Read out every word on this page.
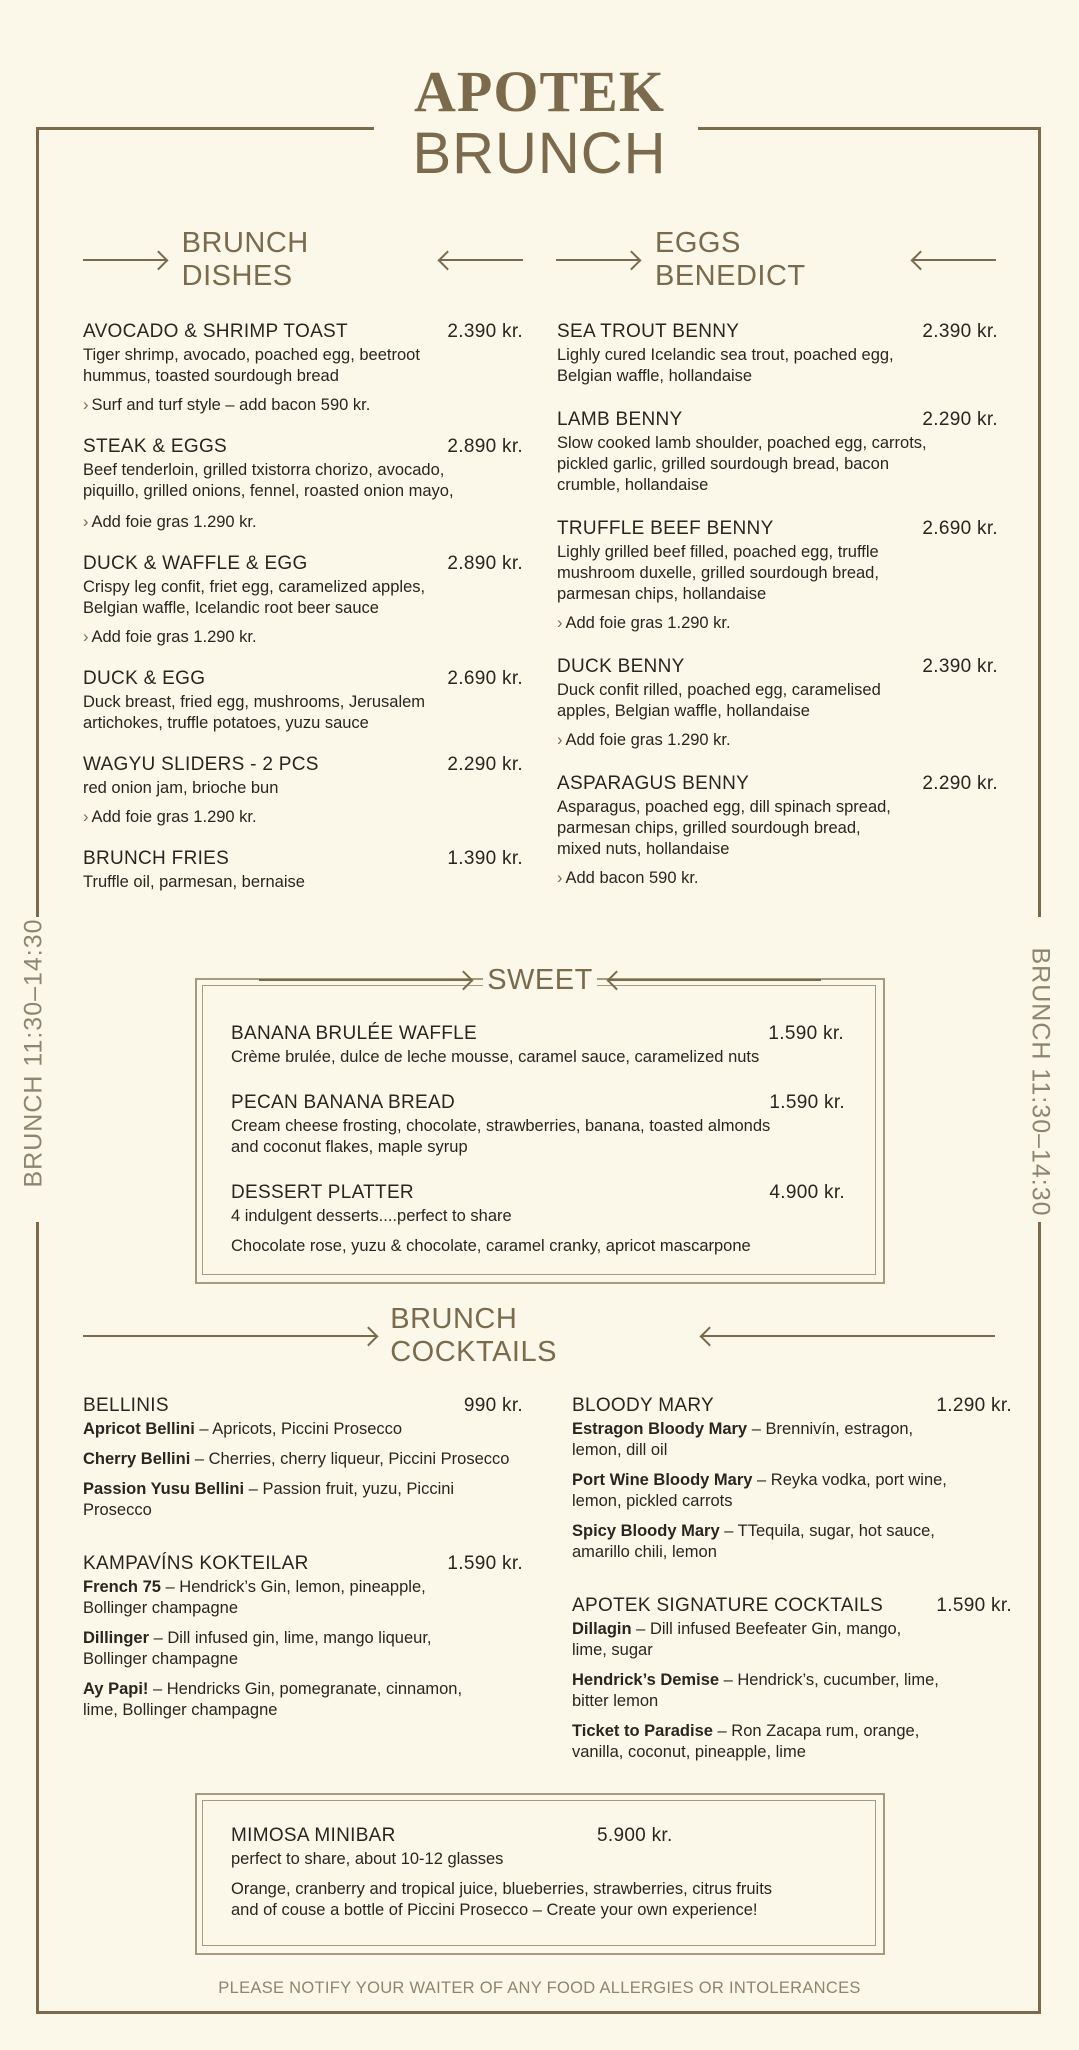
APOTEK
BRUNCH
BRUNCH 11:30–14:30	BRUNCH 11:30–14:30
BRUNCH DISHES
EGGS BENEDICT
AVOCADO & SHRIMP TOAST	2.390 kr.
Tiger shrimp, avocado, poached egg, beetroot hummus, toasted sourdough bread
› Surf and turf style – add bacon 590 kr.
STEAK & EGGS	2.890 kr.
Beef tenderloin, grilled txistorra chorizo, avocado, piquillo, grilled onions, fennel, roasted onion mayo,
› Add foie gras 1.290 kr.
DUCK & WAFFLE & EGG	2.890 kr.
Crispy leg confit, friet egg, caramelized apples, Belgian waffle, Icelandic root beer sauce
› Add foie gras 1.290 kr.
DUCK & EGG	2.690 kr.
Duck breast, fried egg, mushrooms, Jerusalem artichokes, truffle potatoes, yuzu sauce
WAGYU SLIDERS - 2 PCS	2.290 kr.
red onion jam, brioche bun
› Add foie gras 1.290 kr.
BRUNCH FRIES	1.390 kr.
Truffle oil, parmesan, bernaise
SEA TROUT BENNY	2.390 kr.
Lighly cured Icelandic sea trout, poached egg, Belgian waffle, hollandaise
LAMB BENNY	2.290 kr.
Slow cooked lamb shoulder, poached egg, carrots, pickled garlic, grilled sourdough bread, bacon crumble, hollandaise
TRUFFLE BEEF BENNY	2.690 kr.
Lighly grilled beef filled, poached egg, truffle mushroom duxelle, grilled sourdough bread, parmesan chips, hollandaise
› Add foie gras 1.290 kr.
DUCK BENNY	2.390 kr.
Duck confit rilled, poached egg, caramelised apples, Belgian waffle, hollandaise
› Add foie gras 1.290 kr.
ASPARAGUS BENNY	2.290 kr.
Asparagus, poached egg, dill spinach spread, parmesan chips, grilled sourdough bread, mixed nuts, hollandaise
› Add bacon 590 kr.
SWEET
BANANA BRULÉE WAFFLE	1.590 kr.
Crème brulée, dulce de leche mousse, caramel sauce, caramelized nuts
PECAN BANANA BREAD	1.590 kr.
Cream cheese frosting, chocolate, strawberries, banana, toasted almonds and coconut flakes, maple syrup
DESSERT PLATTER	4.900 kr.
4 indulgent desserts....perfect to share
Chocolate rose, yuzu & chocolate, caramel cranky, apricot mascarpone
BRUNCH COCKTAILS
BELLINIS	990 kr.
Apricot Bellini – Apricots, Piccini Prosecco
Cherry Bellini – Cherries, cherry liqueur, Piccini Prosecco
Passion Yusu Bellini – Passion fruit, yuzu, Piccini Prosecco
KAMPAVÍNS KOKTEILAR	1.590 kr.
French 75 – Hendrick’s Gin, lemon, pineapple, Bollinger champagne
Dillinger – Dill infused gin, lime, mango liqueur, Bollinger champagne
Ay Papi! – Hendricks Gin, pomegranate, cinnamon, lime, Bollinger champagne
BLOODY MARY	1.290 kr.
Estragon Bloody Mary – Brennivín, estragon, lemon, dill oil
Port Wine Bloody Mary – Reyka vodka, port wine, lemon, pickled carrots
Spicy Bloody Mary – TTequila, sugar, hot sauce, amarillo chili, lemon
APOTEK SIGNATURE COCKTAILS	1.590 kr.
Dillagin – Dill infused Beefeater Gin, mango, lime, sugar
Hendrick’s Demise – Hendrick’s, cucumber, lime, bitter lemon
Ticket to Paradise – Ron Zacapa rum, orange, vanilla, coconut, pineapple, lime
MIMOSA MINIBAR	5.900 kr.
perfect to share, about 10-12 glasses
Orange, cranberry and tropical juice, blueberries, strawberries, citrus fruits and of couse a bottle of Piccini Prosecco – Create your own experience!
PLEASE NOTIFY YOUR WAITER OF ANY FOOD ALLERGIES OR INTOLERANCES
